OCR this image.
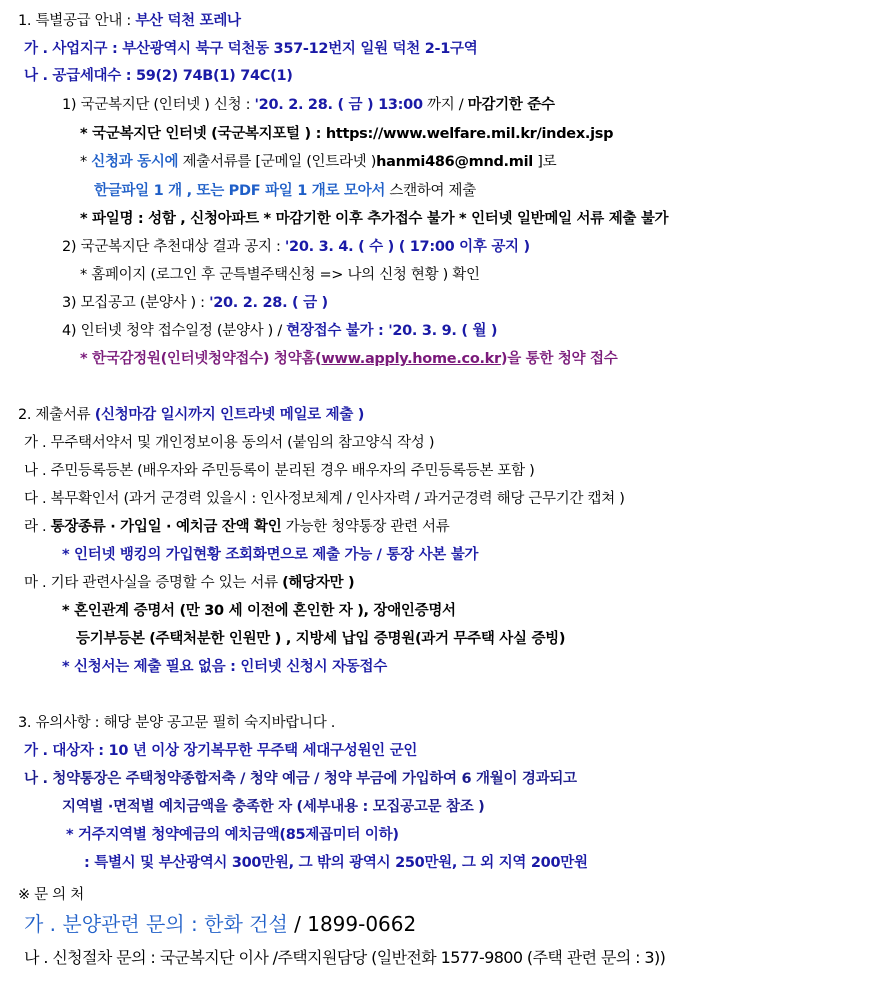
1. 특별공급 안내 : 부산 덕천 포레나
가 . 사업지구 : 부산광역시 북구 덕천동 357-12번지 일원 덕천 2-1구역
나 . 공급세대수 : 59(2) 74B(1) 74C(1)
1) 국군복지단 (인터넷 ) 신청 : '20. 2. 28. ( 금 ) 13:00 까지 / 마감기한 준수
* 국군복지단 인터넷 (국군복지포털 ) : https://www.welfare.mil.kr/index.jsp
* 신청과 동시에 제출서류를 [군메일 (인트라넷 )hanmi486@mnd.mil ]로
한글파일 1 개 , 또는 PDF 파일 1 개로 모아서 스캔하여 제출
* 파일명 : 성함 , 신청아파트 * 마감기한 이후 추가접수 불가 * 인터넷 일반메일 서류 제출 불가
2) 국군복지단 추천대상 결과 공지 : '20. 3. 4. ( 수 ) ( 17:00 이후 공지 )
* 홈페이지 (로그인 후 군특별주택신청 => 나의 신청 현황 ) 확인
3) 모집공고 (분양사 ) : '20. 2. 28. ( 금 )
4) 인터넷 청약 접수일정 (분양사 ) / 현장접수 불가 : '20. 3. 9. ( 월 )
* 한국감정원(인터넷청약접수) 청약홈(www.apply.home.co.kr)을 통한 청약 접수
2. 제출서류 (신청마감 일시까지 인트라넷 메일로 제출 )
가 . 무주택서약서 및 개인정보이용 동의서 (붙임의 참고양식 작성 )
나 . 주민등록등본 (배우자와 주민등록이 분리된 경우 배우자의 주민등록등본 포함 )
다 . 복무확인서 (과거 군경력 있을시 : 인사정보체계 / 인사자력 / 과거군경력 해당 근무기간 캡쳐 )
라 . 통장종류 · 가입일 · 예치금 잔액 확인 가능한 청약통장 관련 서류
* 인터넷 뱅킹의 가입현황 조회화면으로 제출 가능 / 통장 사본 불가
마 . 기타 관련사실을 증명할 수 있는 서류 (해당자만 )
* 혼인관계 증명서 (만 30 세 이전에 혼인한 자 ), 장애인증명서
등기부등본 (주택처분한 인원만 ) , 지방세 납입 증명원(과거 무주택 사실 증빙)
* 신청서는 제출 필요 없음 : 인터넷 신청시 자동접수
3. 유의사항 : 해당 분양 공고문 필히 숙지바랍니다 .
가 . 대상자 : 10 년 이상 장기복무한 무주택 세대구성원인 군인
나 . 청약통장은 주택청약종합저축 / 청약 예금 / 청약 부금에 가입하여 6 개월이 경과되고
지역별 ·면적별 예치금액을 충족한 자 (세부내용 : 모집공고문 참조 )
* 거주지역별 청약예금의 예치금액(85제곱미터 이하)
: 특별시 및 부산광역시 300만원, 그 밖의 광역시 250만원, 그 외 지역 200만원
※ 문 의 처
가 . 분양관련 문의 : 한화 건설 / 1899-0662
나 . 신청절차 문의 : 국군복지단 이사 /주택지원담당 (일반전화 1577-9800 (주택 관련 문의 : 3))
